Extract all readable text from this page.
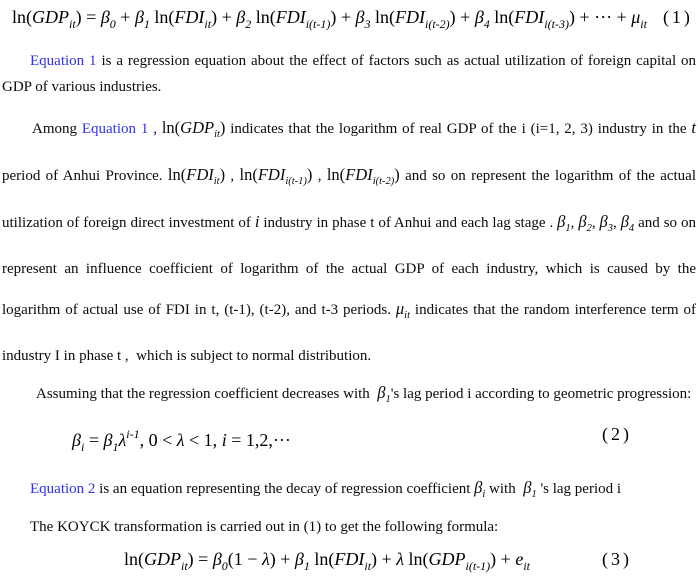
$\ln(GDP_{it}) = \beta_0 + \beta_1$ $\ln(FDI_{it}) + \beta_2$ $\ln(FDI_{i(t-1)}) + \beta_3$ $\ln(FDI_{i(t-2)}) + \beta_4$ $\ln(FDI_{i(t-3)})$ + ··· + $\mu_{it}$ (1)

Equation 1 is a regression equation about the effect of factors such as actual utilization of foreign capital on GDP of various industries.

Among Equation 1 , $\ln(GDP_{it})$ indicates that the logarithm of real GDP of the i (i=1, 2, 3) industry in the t period of Anhui Province. $\ln(FDI_{it})$ , $\ln(FDI_{i(t-1)})$ , $\ln(FDI_{i(t-2)})$ and so on represent the logarithm of the actual utilization of foreign direct investment of i industry in phase t of Anhui and each lag stage . $\beta_1$, $\beta_2$, $\beta_3$, $\beta_4$ and so on represent an influence coefficient of logarithm of the actual GDP of each industry, which is caused by the logarithm of actual use of FDI in t, (t-1), (t-2), and t-3 periods. $\mu_{it}$ indicates that the random interference term of industry I in phase t ,  which is subject to normal distribution.

Assuming that the regression coefficient decreases with  $\beta_1's$ lag period i according to geometric progression:

$\beta_i = \beta_1\lambda^{i-1}$, 0 < λ < 1, i = 1,2,···	(2)

Equation 2 is an equation representing the decay of regression coefficient $\beta_i$ with  $\beta_1$ 's lag period i

The KOYCK transformation is carried out in (1) to get the following formula:

$\ln(GDP_{it}) = \beta_0(1 - \lambda) + \beta_1$ $\ln(FDI_{it}) + \lambda$ $\ln(GDP_{i(t-1)}) + e_{it}$	(3)
